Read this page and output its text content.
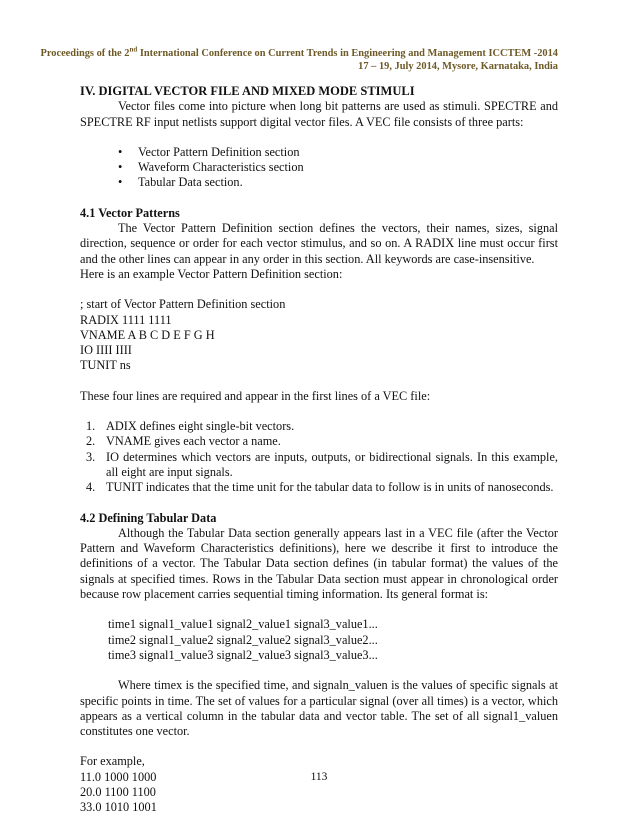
Proceedings of the 2nd International Conference on Current Trends in Engineering and Management ICCTEM -2014
17 – 19, July 2014, Mysore, Karnataka, India

IV. DIGITAL VECTOR FILE AND MIXED MODE STIMULI

Vector files come into picture when long bit patterns are used as stimuli. SPECTRE and SPECTRE RF input netlists support digital vector files. A VEC file consists of three parts:

• Vector Pattern Definition section
• Waveform Characteristics section
• Tabular Data section.

4.1 Vector Patterns

The Vector Pattern Definition section defines the vectors, their names, sizes, signal direction, sequence or order for each vector stimulus, and so on. A RADIX line must occur first and the other lines can appear in any order in this section. All keywords are case-insensitive.

Here is an example Vector Pattern Definition section:

; start of Vector Pattern Definition section

RADIX 1111 1111

VNAME A B C D E F G H

IO IIII IIII

TUNIT ns

These four lines are required and appear in the first lines of a VEC file:

1. ADIX defines eight single-bit vectors.
2. VNAME gives each vector a name.
3. IO determines which vectors are inputs, outputs, or bidirectional signals. In this example, all eight are input signals.
4. TUNIT indicates that the time unit for the tabular data to follow is in units of nanoseconds.

4.2 Defining Tabular Data

Although the Tabular Data section generally appears last in a VEC file (after the Vector Pattern and Waveform Characteristics definitions), here we describe it first to introduce the definitions of a vector. The Tabular Data section defines (in tabular format) the values of the signals at specified times. Rows in the Tabular Data section must appear in chronological order because row placement carries sequential timing information. Its general format is:

time1 signal1_value1 signal2_value1 signal3_value1...

time2 signal1_value2 signal2_value2 signal3_value2...

time3 signal1_value3 signal2_value3 signal3_value3...

Where timex is the specified time, and signaln_valuen is the values of specific signals at specific points in time. The set of values for a particular signal (over all times) is a vector, which appears as a vertical column in the tabular data and vector table. The set of all signal1_valuen constitutes one vector.

For example,

11.0 1000 1000

20.0 1100 1100

33.0 1010 1001

113
